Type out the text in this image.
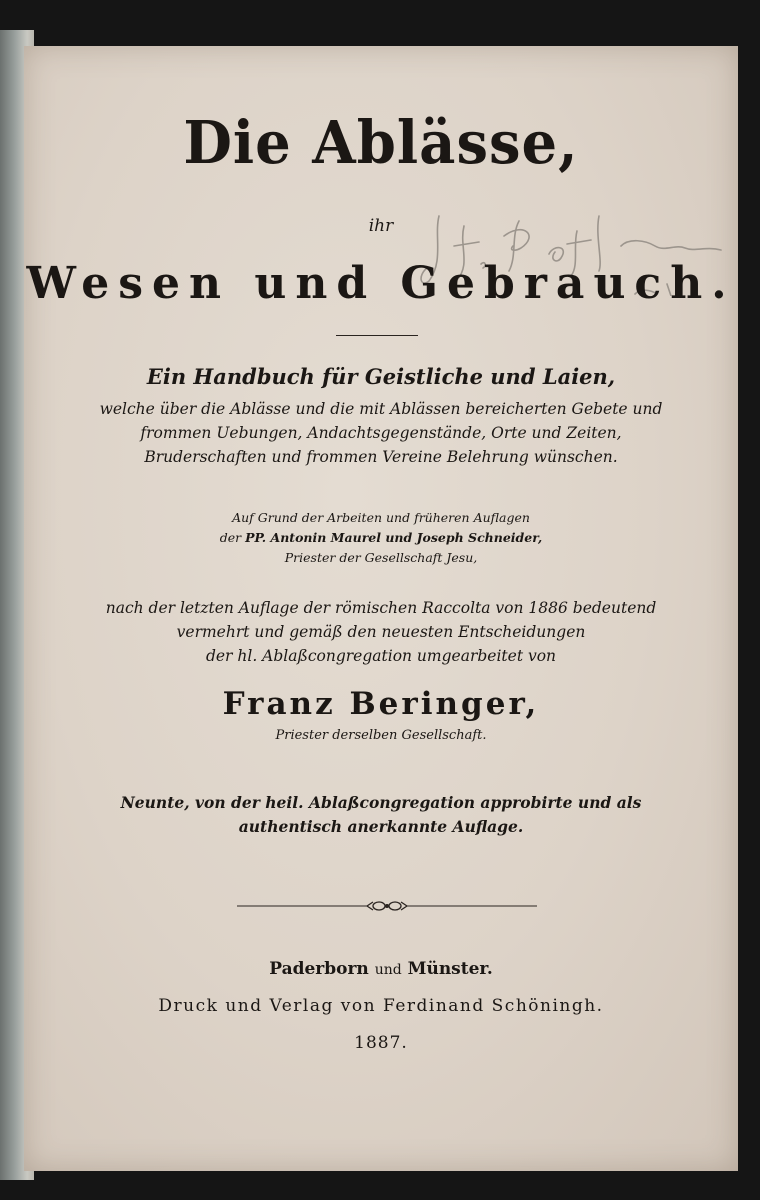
Die Ablässe,
ihr
Wesen und Gebrauch.
Ein Handbuch für Geistliche und Laien,
welche über die Ablässe und die mit Ablässen bereicherten Gebete und
frommen Uebungen, Andachtsgegenstände, Orte und Zeiten,
Bruderschaften und frommen Vereine Belehrung wünschen.
Auf Grund der Arbeiten und früheren Auflagen
der PP. Antonin Maurel und Joseph Schneider,
Priester der Gesellschaft Jesu,
nach der letzten Auflage der römischen Raccolta von 1886 bedeutend
vermehrt und gemäß den neuesten Entscheidungen
der hl. Ablaßcongregation umgearbeitet von
Franz Beringer,
Priester derselben Gesellschaft.
Neunte, von der heil. Ablaßcongregation approbirte und als
authentisch anerkannte Auflage.
Paderborn und Münster.
Druck und Verlag von Ferdinand Schöningh.
1887.
